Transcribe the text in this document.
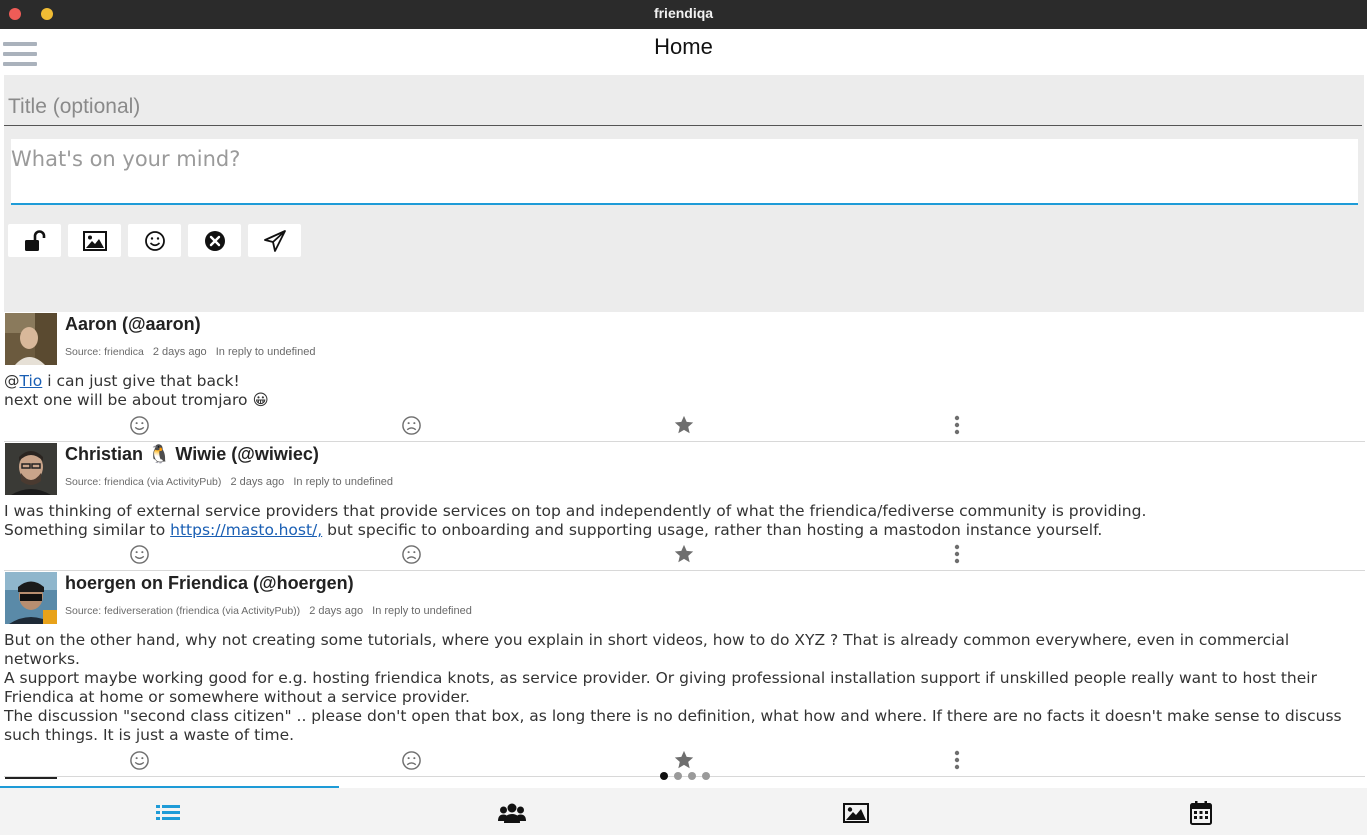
friendiqa
Home
Title (optional)
What's on your mind?
Aaron (@aaron)
Source: friendica 2 days ago In reply to undefined
@Tio i can just give that back!
next one will be about tromjaro 😀
Christian 🐧 Wiwie (@wiwiec)
Source: friendica (via ActivityPub) 2 days ago In reply to undefined
I was thinking of external service providers that provide services on top and independently of what the friendica/fediverse community is providing.
Something similar to https://masto.host/, but specific to onboarding and supporting usage, rather than hosting a mastodon instance yourself.
hoergen on Friendica (@hoergen)
Source: fediverseration (friendica (via ActivityPub)) 2 days ago In reply to undefined
But on the other hand, why not creating some tutorials, where you explain in short videos, how to do XYZ ? That is already common everywhere, even in commercial networks.
A support maybe working good for e.g. hosting friendica knots, as service provider. Or giving professional installation support if unskilled people really want to host their Friendica at home or somewhere without a service provider.
The discussion "second class citizen" .. please don't open that box, as long there is no definition, what how and where. If there are no facts it doesn't make sense to discuss such things. It is just a waste of time.
